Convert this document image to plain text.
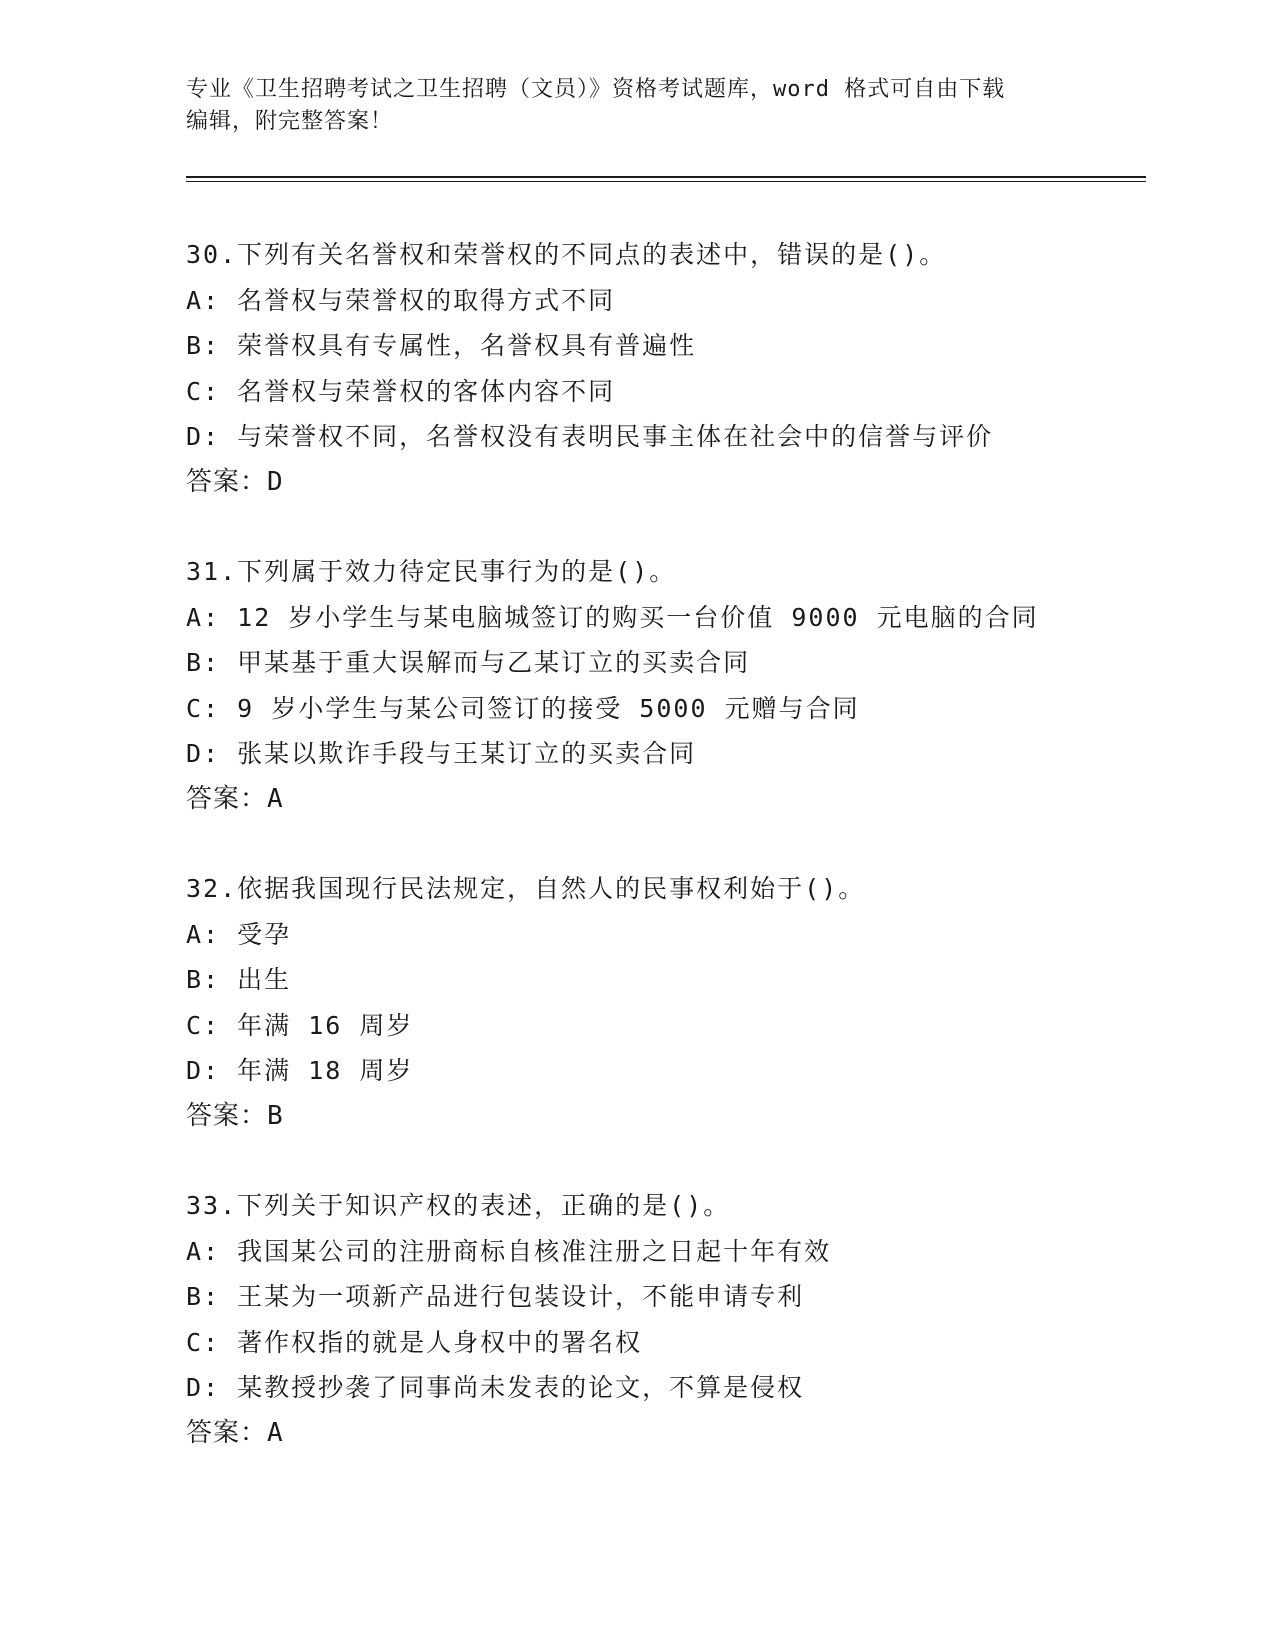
专业《卫生招聘考试之卫生招聘（文员）》资格考试题库，word 格式可自由下载
编辑，附完整答案！
30.下列有关名誉权和荣誉权的不同点的表述中，错误的是()。
A: 名誉权与荣誉权的取得方式不同
B: 荣誉权具有专属性，名誉权具有普遍性
C: 名誉权与荣誉权的客体内容不同
D: 与荣誉权不同，名誉权没有表明民事主体在社会中的信誉与评价
答案：D
31.下列属于效力待定民事行为的是()。
A: 12 岁小学生与某电脑城签订的购买一台价值 9000 元电脑的合同
B: 甲某基于重大误解而与乙某订立的买卖合同
C: 9 岁小学生与某公司签订的接受 5000 元赠与合同
D: 张某以欺诈手段与王某订立的买卖合同
答案：A
32.依据我国现行民法规定，自然人的民事权利始于()。
A: 受孕
B: 出生
C: 年满 16 周岁
D: 年满 18 周岁
答案：B
33.下列关于知识产权的表述，正确的是()。
A: 我国某公司的注册商标自核准注册之日起十年有效
B: 王某为一项新产品进行包装设计，不能申请专利
C: 著作权指的就是人身权中的署名权
D: 某教授抄袭了同事尚未发表的论文，不算是侵权
答案：A
